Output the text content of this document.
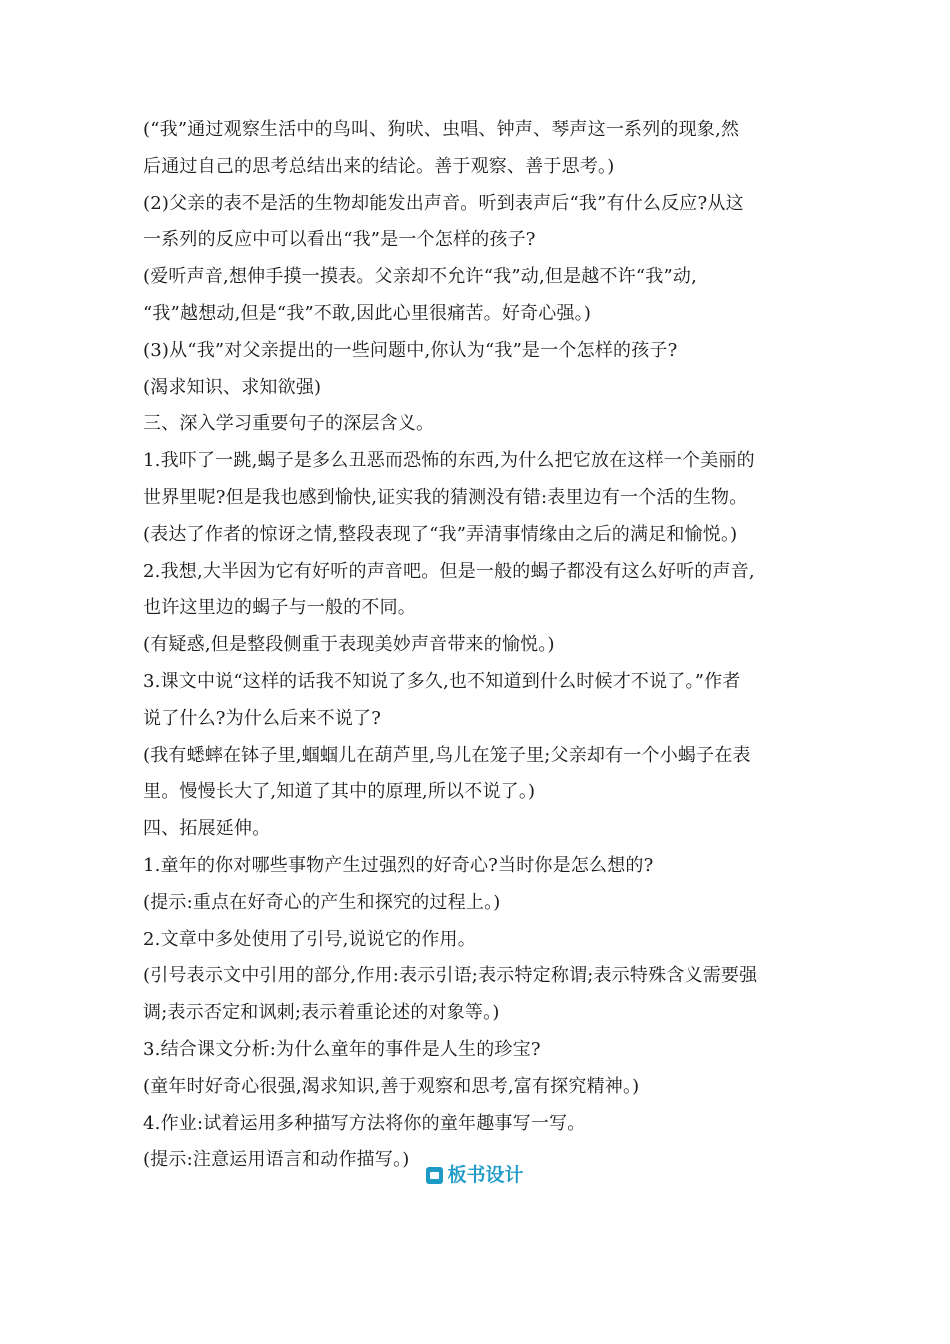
(“我”通过观察生活中的鸟叫、狗吠、虫唱、钟声、琴声这一系列的现象,然
后通过自己的思考总结出来的结论。善于观察、善于思考。)
(2)父亲的表不是活的生物却能发出声音。听到表声后“我”有什么反应?从这
一系列的反应中可以看出“我”是一个怎样的孩子?
(爱听声音,想伸手摸一摸表。父亲却不允许“我”动,但是越不许“我”动,
“我”越想动,但是“我”不敢,因此心里很痛苦。好奇心强。)
(3)从“我”对父亲提出的一些问题中,你认为“我”是一个怎样的孩子?
(渴求知识、求知欲强)
三、深入学习重要句子的深层含义。
1.我吓了一跳,蝎子是多么丑恶而恐怖的东西,为什么把它放在这样一个美丽的
世界里呢?但是我也感到愉快,证实我的猜测没有错:表里边有一个活的生物。
(表达了作者的惊讶之情,整段表现了“我”弄清事情缘由之后的满足和愉悦。)
2.我想,大半因为它有好听的声音吧。但是一般的蝎子都没有这么好听的声音,
也许这里边的蝎子与一般的不同。
(有疑惑,但是整段侧重于表现美妙声音带来的愉悦。)
3.课文中说“这样的话我不知说了多久,也不知道到什么时候才不说了。”作者
说了什么?为什么后来不说了?
(我有蟋蟀在钵子里,蝈蝈儿在葫芦里,鸟儿在笼子里;父亲却有一个小蝎子在表
里。慢慢长大了,知道了其中的原理,所以不说了。)
四、拓展延伸。
1.童年的你对哪些事物产生过强烈的好奇心?当时你是怎么想的?
(提示:重点在好奇心的产生和探究的过程上。)
2.文章中多处使用了引号,说说它的作用。
(引号表示文中引用的部分,作用:表示引语;表示特定称谓;表示特殊含义需要强
调;表示否定和讽刺;表示着重论述的对象等。)
3.结合课文分析:为什么童年的事件是人生的珍宝?
(童年时好奇心很强,渴求知识,善于观察和思考,富有探究精神。)
4.作业:试着运用多种描写方法将你的童年趣事写一写。
(提示:注意运用语言和动作描写。)
板书设计
